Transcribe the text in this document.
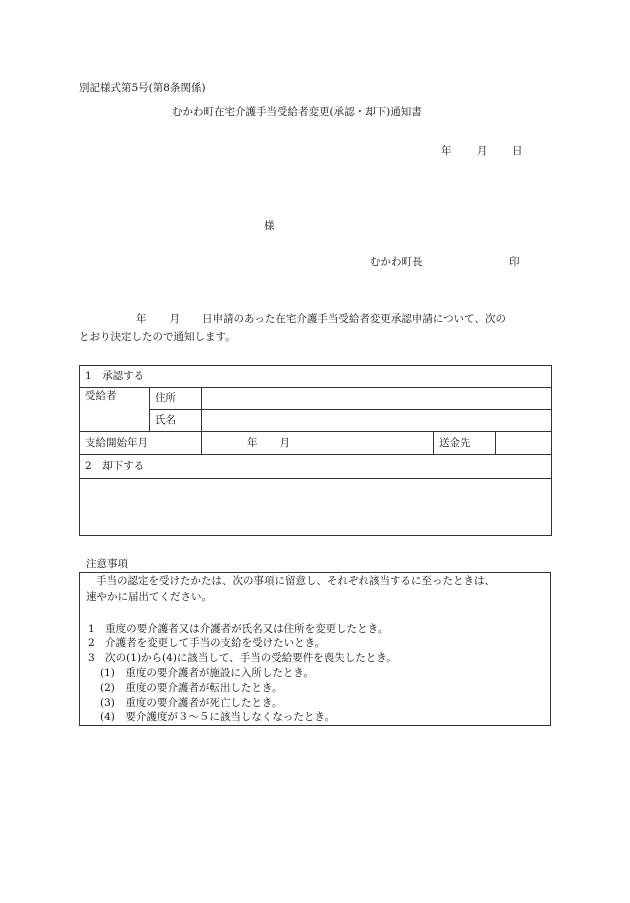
別記様式第5号(第8条関係)
むかわ町在宅介護手当受給者変更(承認・却下)通知書
年 月 日
様
むかわ町長	印
年 月 日申請のあった在宅介護手当受給者変更承認申請について、次の
とおり決定したので通知します。
1　承認する			
受給者	住所		
	氏名		
支給開始年月		年 月	送金先

2　却下する			

注意事項
手当の認定を受けたかたは、次の事項に留意し、それぞれ該当するに至ったときは、
速やかに届出てください。
1　重度の要介護者又は介護者が氏名又は住所を変更したとき。
2　介護者を変更して手当の支給を受けたいとき。
3　次の(1)から(4)に該当して、手当の受給要件を喪失したとき。
(1)　重度の要介護者が施設に入所したとき。
(2)　重度の要介護者が転出したとき。
(3)　重度の要介護者が死亡したとき。
(4)　要介護度が３～５に該当しなくなったとき。
